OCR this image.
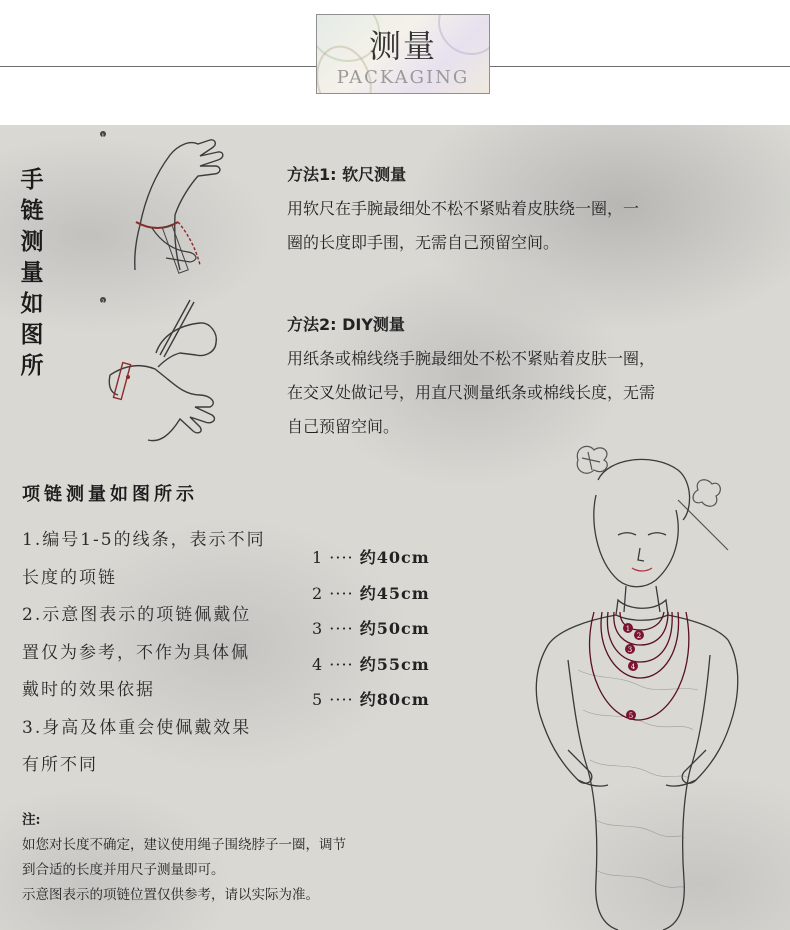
测量
PACKAGING
手
链
测
量
如
图
所
1
2
方法1: 软尺测量
用软尺在手腕最细处不松不紧贴着皮肤绕一圈，一
圈的长度即手围，无需自己预留空间。
方法2: DIY测量
用纸条或棉线绕手腕最细处不松不紧贴着皮肤一圈，
在交叉处做记号，用直尺测量纸条或棉线长度，无需
自己预留空间。
项链测量如图所示
1.编号1-5的线条，表示不同
长度的项链
2.示意图表示的项链佩戴位
置仅为参考，不作为具体佩
戴时的效果依据
3.身高及体重会使佩戴效果
有所不同
1 ···· 约40cm
2 ···· 约45cm
3 ···· 约50cm
4 ···· 约55cm
5 ···· 约80cm
1
2
3
4
5
注:
如您对长度不确定，建议使用绳子围绕脖子一圈，调节
到合适的长度并用尺子测量即可。
示意图表示的项链位置仅供参考，请以实际为准。
